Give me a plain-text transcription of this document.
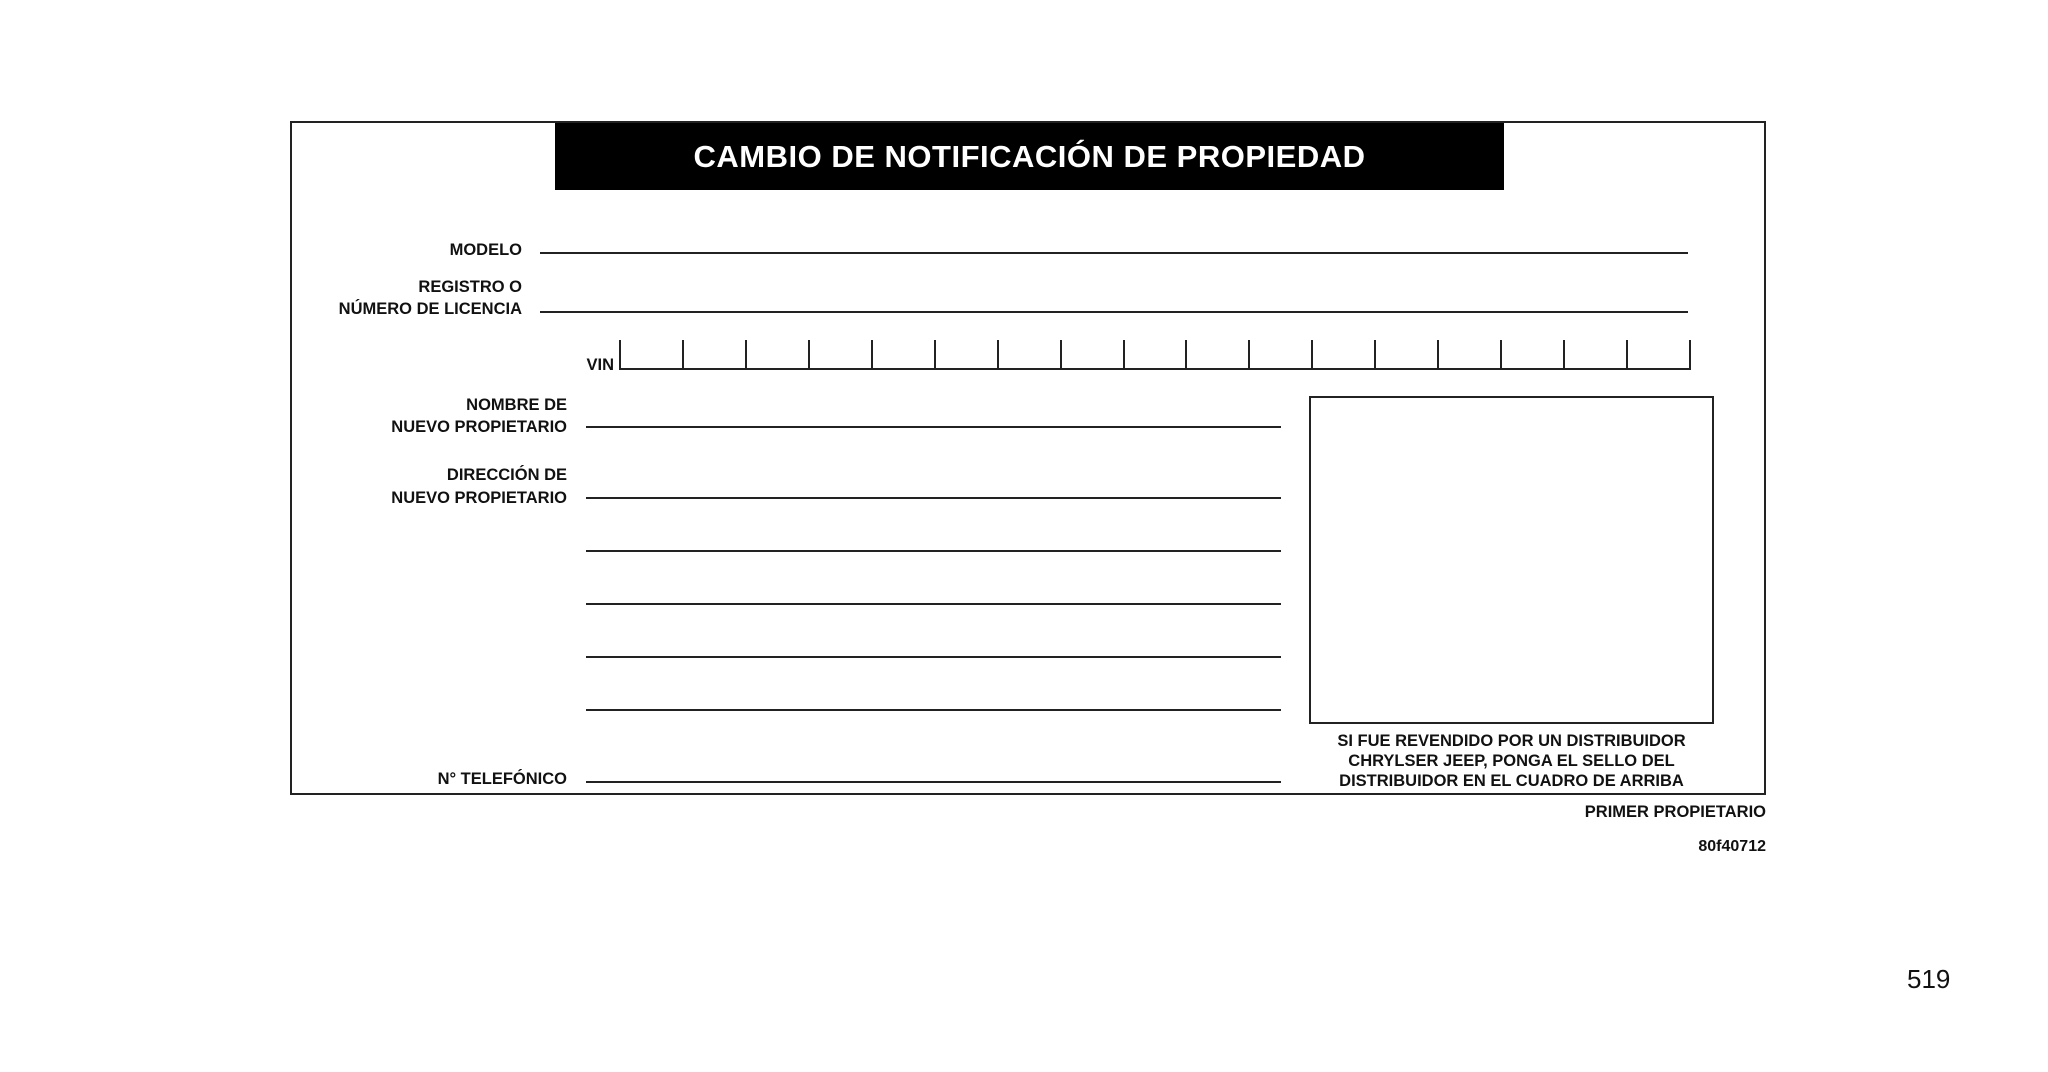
CAMBIO DE NOTIFICACIÓN DE PROPIEDAD
MODELO
REGISTRO O
NÚMERO DE LICENCIA
VIN
NOMBRE DE
NUEVO PROPIETARIO
DIRECCIÓN DE
NUEVO PROPIETARIO
N° TELEFÓNICO
SI FUE REVENDIDO POR UN DISTRIBUIDOR
CHRYLSER JEEP, PONGA EL SELLO DEL
DISTRIBUIDOR EN EL CUADRO DE ARRIBA
PRIMER PROPIETARIO
80f40712
519
